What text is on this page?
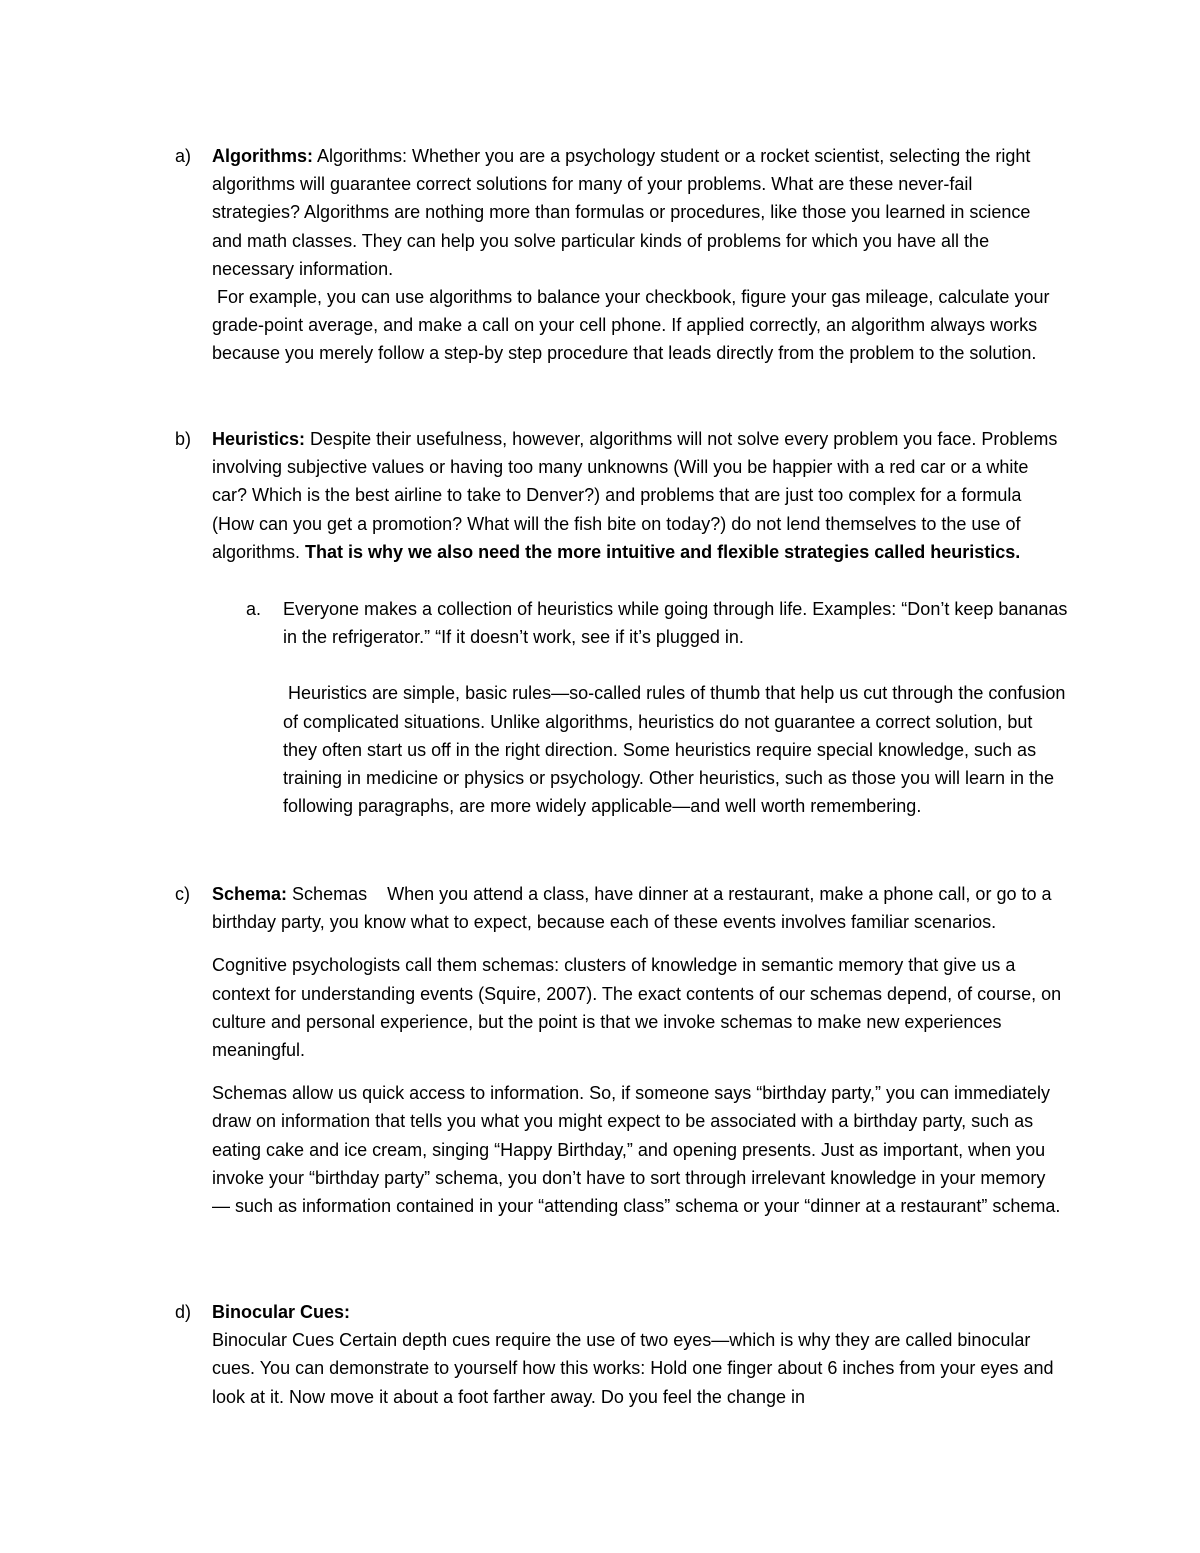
a) Algorithms: Algorithms: Whether you are a psychology student or a rocket scientist, selecting the right algorithms will guarantee correct solutions for many of your problems. What are these never-fail strategies? Algorithms are nothing more than formulas or procedures, like those you learned in science and math classes. They can help you solve particular kinds of problems for which you have all the necessary information.

For example, you can use algorithms to balance your checkbook, figure your gas mileage, calculate your grade-point average, and make a call on your cell phone. If applied correctly, an algorithm always works because you merely follow a step-by step procedure that leads directly from the problem to the solution.

b) Heuristics: Despite their usefulness, however, algorithms will not solve every problem you face. Problems involving subjective values or having too many unknowns (Will you be happier with a red car or a white car? Which is the best airline to take to Denver?) and problems that are just too complex for a formula (How can you get a promotion? What will the fish bite on today?) do not lend themselves to the use of algorithms. That is why we also need the more intuitive and flexible strategies called heuristics.

a. Everyone makes a collection of heuristics while going through life. Examples: “Don’t keep bananas in the refrigerator.” “If it doesn’t work, see if it’s plugged in.

Heuristics are simple, basic rules—so-called rules of thumb that help us cut through the confusion of complicated situations. Unlike algorithms, heuristics do not guarantee a correct solution, but they often start us off in the right direction. Some heuristics require special knowledge, such as training in medicine or physics or psychology. Other heuristics, such as those you will learn in the following paragraphs, are more widely applicable—and well worth remembering.

c) Schema: Schemas    When you attend a class, have dinner at a restaurant, make a phone call, or go to a birthday party, you know what to expect, because each of these events involves familiar scenarios.

Cognitive psychologists call them schemas: clusters of knowledge in semantic memory that give us a context for understanding events (Squire, 2007). The exact contents of our schemas depend, of course, on culture and personal experience, but the point is that we invoke schemas to make new experiences meaningful.

Schemas allow us quick access to information. So, if someone says “birthday party,” you can immediately draw on information that tells you what you might expect to be associated with a birthday party, such as eating cake and ice cream, singing “Happy Birthday,” and opening presents. Just as important, when you invoke your “birthday party” schema, you don’t have to sort through irrelevant knowledge in your memory— such as information contained in your “attending class” schema or your “dinner at a restaurant” schema.

d) Binocular Cues:

Binocular Cues Certain depth cues require the use of two eyes—which is why they are called binocular cues. You can demonstrate to yourself how this works: Hold one finger about 6 inches from your eyes and look at it. Now move it about a foot farther away. Do you feel the change in
